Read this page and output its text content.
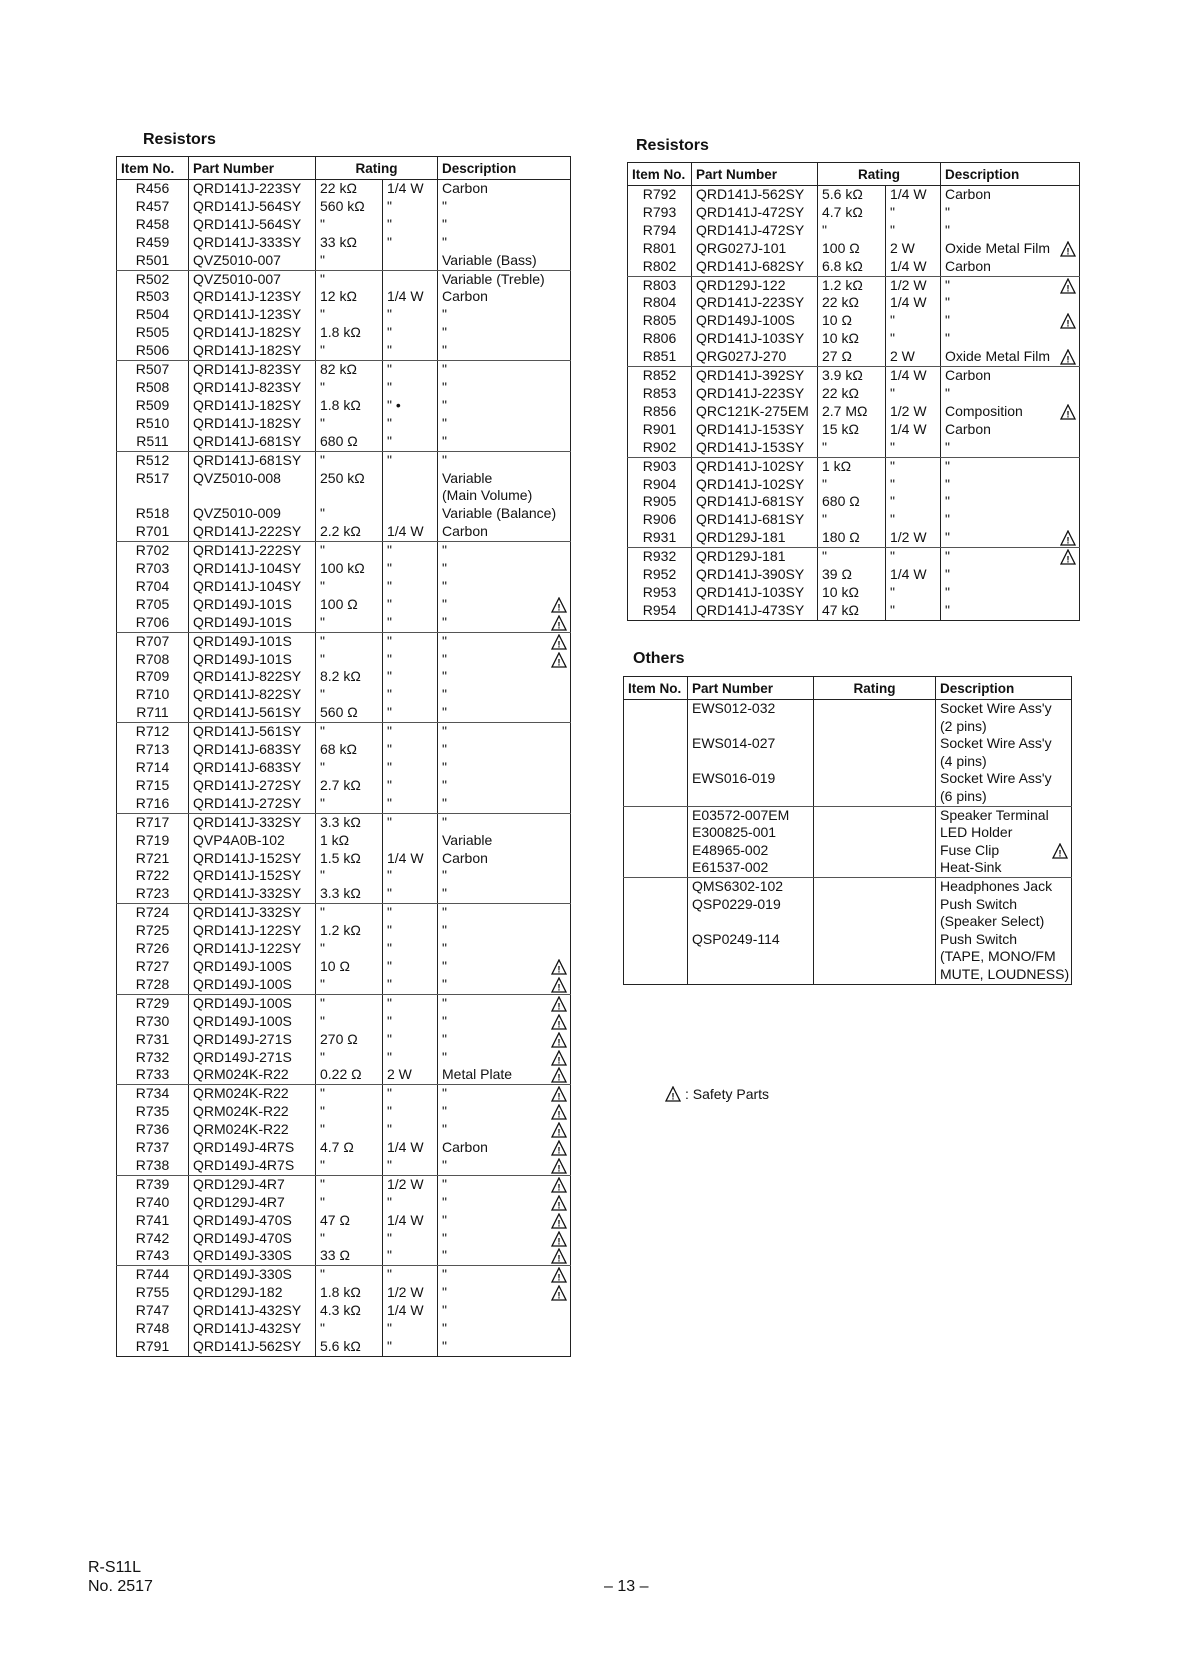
Resistors
Item No.	Part Number	Rating		Description
R456	QRD141J-223SY	22 kΩ	1/4 W	Carbon
R457	QRD141J-564SY	560 kΩ	"	"
R458	QRD141J-564SY	"	"	"
R459	QRD141J-333SY	33 kΩ	"	"
R501	QVZ5010-007	"		Variable (Bass)
R502	QVZ5010-007	"		Variable (Treble)
R503	QRD141J-123SY	12 kΩ	1/4 W	Carbon
R504	QRD141J-123SY	"	"	"
R505	QRD141J-182SY	1.8 kΩ	"	"
R506	QRD141J-182SY	"	"	"
R507	QRD141J-823SY	82 kΩ	"	"
R508	QRD141J-823SY	"	"	"
R509	QRD141J-182SY	1.8 kΩ	" •	"
R510	QRD141J-182SY	"	"	"
R511	QRD141J-681SY	680 Ω	"	"
R512	QRD141J-681SY	"	"	"
R517	QVZ5010-008	250 kΩ		Variable
				(Main Volume)
R518	QVZ5010-009	"		Variable (Balance)
R701	QRD141J-222SY	2.2 kΩ	1/4 W	Carbon
R702	QRD141J-222SY	"	"	"
R703	QRD141J-104SY	100 kΩ	"	"
R704	QRD141J-104SY	"	"	"
R705	QRD149J-101S	100 Ω	"	" !

R706	QRD149J-101S	"	"	" !

R707	QRD149J-101S	"	"	" !

R708	QRD149J-101S	"	"	" !

R709	QRD141J-822SY	8.2 kΩ	"	"
R710	QRD141J-822SY	"	"	"
R711	QRD141J-561SY	560 Ω	"	"
R712	QRD141J-561SY	"	"	"
R713	QRD141J-683SY	68 kΩ	"	"
R714	QRD141J-683SY	"	"	"
R715	QRD141J-272SY	2.7 kΩ	"	"
R716	QRD141J-272SY	"	"	"
R717	QRD141J-332SY	3.3 kΩ	"	"
R719	QVP4A0B-102	1 kΩ		Variable
R721	QRD141J-152SY	1.5 kΩ	1/4 W	Carbon
R722	QRD141J-152SY	"	"	"
R723	QRD141J-332SY	3.3 kΩ	"	"
R724	QRD141J-332SY	"	"	"
R725	QRD141J-122SY	1.2 kΩ	"	"
R726	QRD141J-122SY	"	"	"
R727	QRD149J-100S	10 Ω	"	" !

R728	QRD149J-100S	"	"	" !

R729	QRD149J-100S	"	"	" !

R730	QRD149J-100S	"	"	" !

R731	QRD149J-271S	270 Ω	"	" !

R732	QRD149J-271S	"	"	" !

R733	QRM024K-R22	0.22 Ω	2 W	Metal Plate !

R734	QRM024K-R22	"	"	" !

R735	QRM024K-R22	"	"	" !

R736	QRM024K-R22	"	"	" !

R737	QRD149J-4R7S	4.7 Ω	1/4 W	Carbon !

R738	QRD149J-4R7S	"	"	" !

R739	QRD129J-4R7	"	1/2 W	" !

R740	QRD129J-4R7	"	"	" !

R741	QRD149J-470S	47 Ω	1/4 W	" !

R742	QRD149J-470S	"	"	" !

R743	QRD149J-330S	33 Ω	"	" !

R744	QRD149J-330S	"	"	" !

R755	QRD129J-182	1.8 kΩ	1/2 W	" !

R747	QRD141J-432SY	4.3 kΩ	1/4 W	"
R748	QRD141J-432SY	"	"	"
R791	QRD141J-562SY	5.6 kΩ	"	"
Resistors
Item No.	Part Number	Rating		Description
R792	QRD141J-562SY	5.6 kΩ	1/4 W	Carbon
R793	QRD141J-472SY	4.7 kΩ	"	"
R794	QRD141J-472SY	"	"	"
R801	QRG027J-101	100 Ω	2 W	Oxide Metal Film !

R802	QRD141J-682SY	6.8 kΩ	1/4 W	Carbon
R803	QRD129J-122	1.2 kΩ	1/2 W	" !

R804	QRD141J-223SY	22 kΩ	1/4 W	"
R805	QRD149J-100S	10 Ω	"	" !

R806	QRD141J-103SY	10 kΩ	"	"
R851	QRG027J-270	27 Ω	2 W	Oxide Metal Film !

R852	QRD141J-392SY	3.9 kΩ	1/4 W	Carbon
R853	QRD141J-223SY	22 kΩ	"	"
R856	QRC121K-275EM	2.7 MΩ	1/2 W	Composition !

R901	QRD141J-153SY	15 kΩ	1/4 W	Carbon
R902	QRD141J-153SY	"	"	"
R903	QRD141J-102SY	1 kΩ	"	"
R904	QRD141J-102SY	"	"	"
R905	QRD141J-681SY	680 Ω	"	"
R906	QRD141J-681SY	"	"	"
R931	QRD129J-181	180 Ω	1/2 W	" !

R932	QRD129J-181	"	"	" !

R952	QRD141J-390SY	39 Ω	1/4 W	"
R953	QRD141J-103SY	10 kΩ	"	"
R954	QRD141J-473SY	47 kΩ	"	"
Others
Item No.	Part Number	Rating	Description
	EWS012-032		Socket Wire Ass'y
			(2 pins)
	EWS014-027		Socket Wire Ass'y
			(4 pins)
	EWS016-019		Socket Wire Ass'y
			(6 pins)
	E03572-007EM		Speaker Terminal
	E300825-001		LED Holder
	E48965-002		Fuse Clip !

	E61537-002		Heat-Sink
	QMS6302-102		Headphones Jack
	QSP0229-019		Push Switch
			(Speaker Select)
	QSP0249-114		Push Switch
			(TAPE, MONO/FM
			MUTE, LOUDNESS)
! : Safety Parts
R-S11L
No. 2517	– 13 –
